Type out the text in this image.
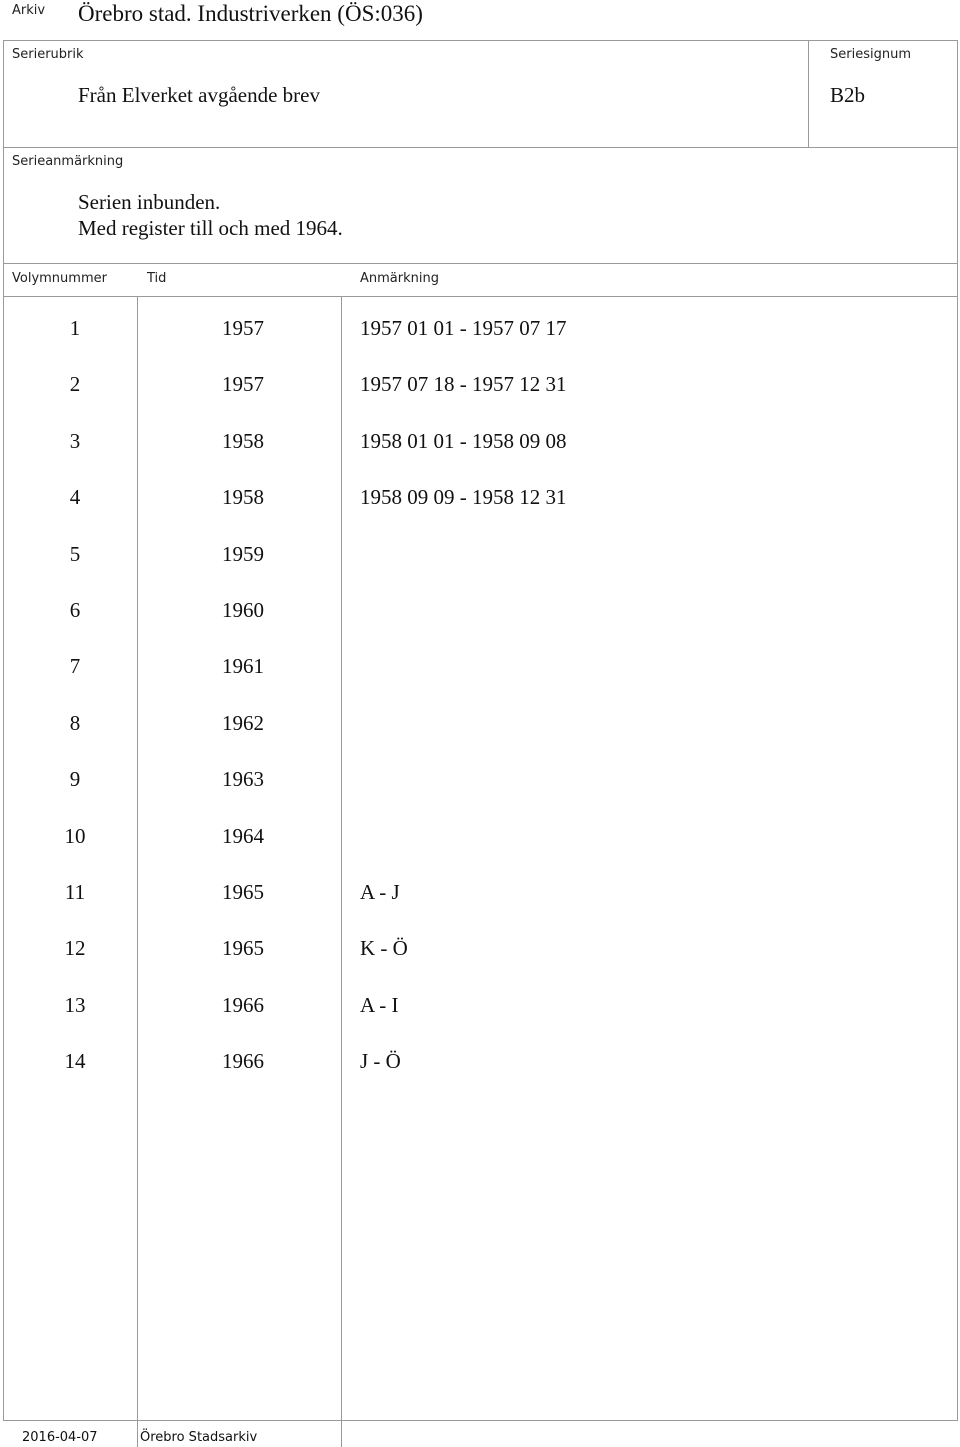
Arkiv Örebro stad. Industriverken (ÖS:036)
Serierubrik
Från Elverket avgående brev
Seriesignum
B2b
Serieanmärkning
Serien inbunden.
Med register till och med 1964.
Volymnummer	Tid	Anmärkning
1	1957	1957 01 01 - 1957 07 17
2	1957	1957 07 18 - 1957 12 31
3	1958	1958 01 01 - 1958 09 08
4	1958	1958 09 09 - 1958 12 31
5	1959
6	1960
7	1961
8	1962
9	1963
10	1964
11	1965	A - J
12	1965	K - Ö
13	1966	A - I
14	1966	J - Ö
2016-04-07	Örebro Stadsarkiv
